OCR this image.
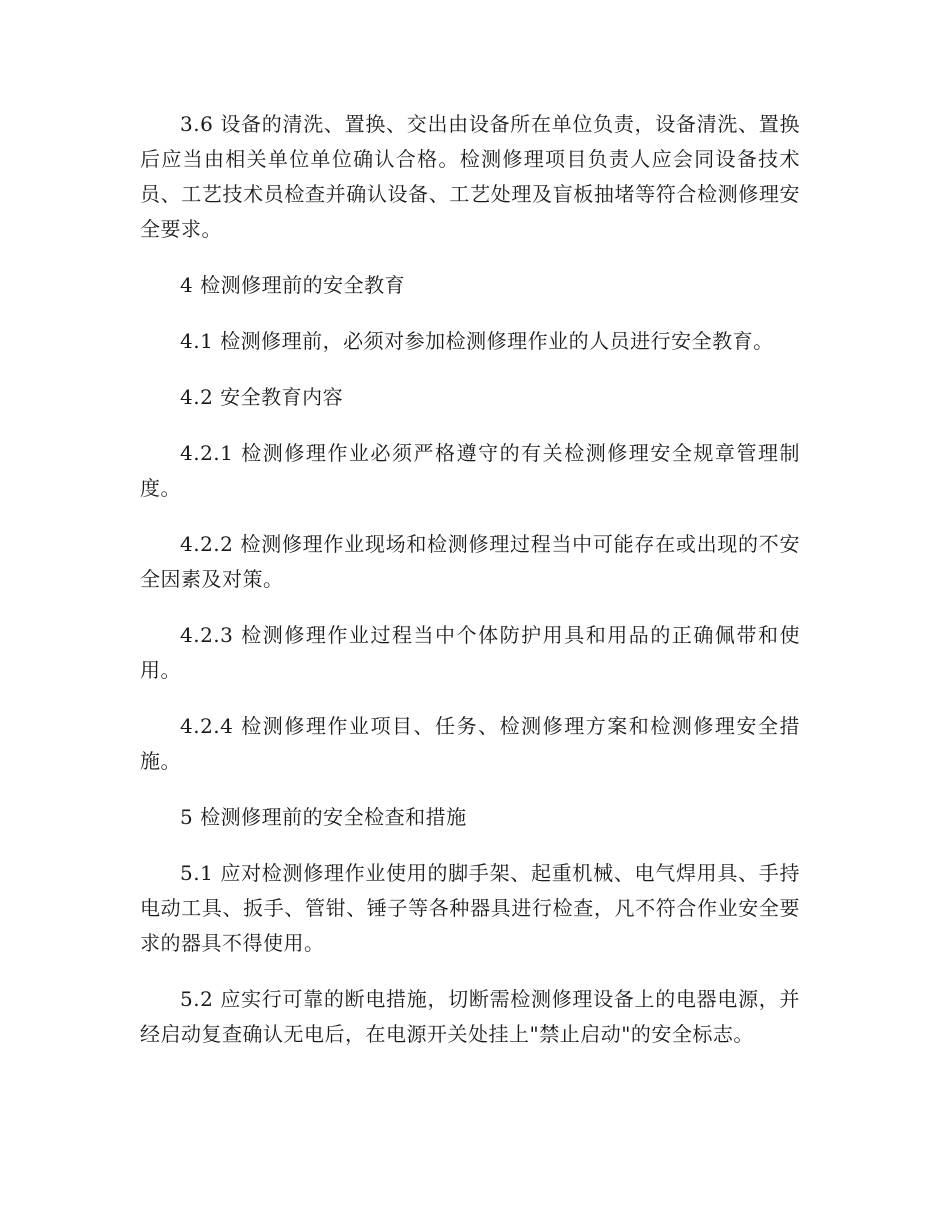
3.6 设备的清洗、置换、交出由设备所在单位负责，设备清洗、置换后应当由相关单位单位确认合格。检测修理项目负责人应会同设备技术员、工艺技术员检查并确认设备、工艺处理及盲板抽堵等符合检测修理安全要求。

4 检测修理前的安全教育

4.1 检测修理前，必须对参加检测修理作业的人员进行安全教育。

4.2 安全教育内容

4.2.1 检测修理作业必须严格遵守的有关检测修理安全规章管理制度。

4.2.2 检测修理作业现场和检测修理过程当中可能存在或出现的不安全因素及对策。

4.2.3 检测修理作业过程当中个体防护用具和用品的正确佩带和使用。

4.2.4 检测修理作业项目、任务、检测修理方案和检测修理安全措施。

5 检测修理前的安全检查和措施

5.1 应对检测修理作业使用的脚手架、起重机械、电气焊用具、手持电动工具、扳手、管钳、锤子等各种器具进行检查，凡不符合作业安全要求的器具不得使用。

5.2 应实行可靠的断电措施，切断需检测修理设备上的电器电源，并经启动复查确认无电后，在电源开关处挂上"禁止启动"的安全标志。
